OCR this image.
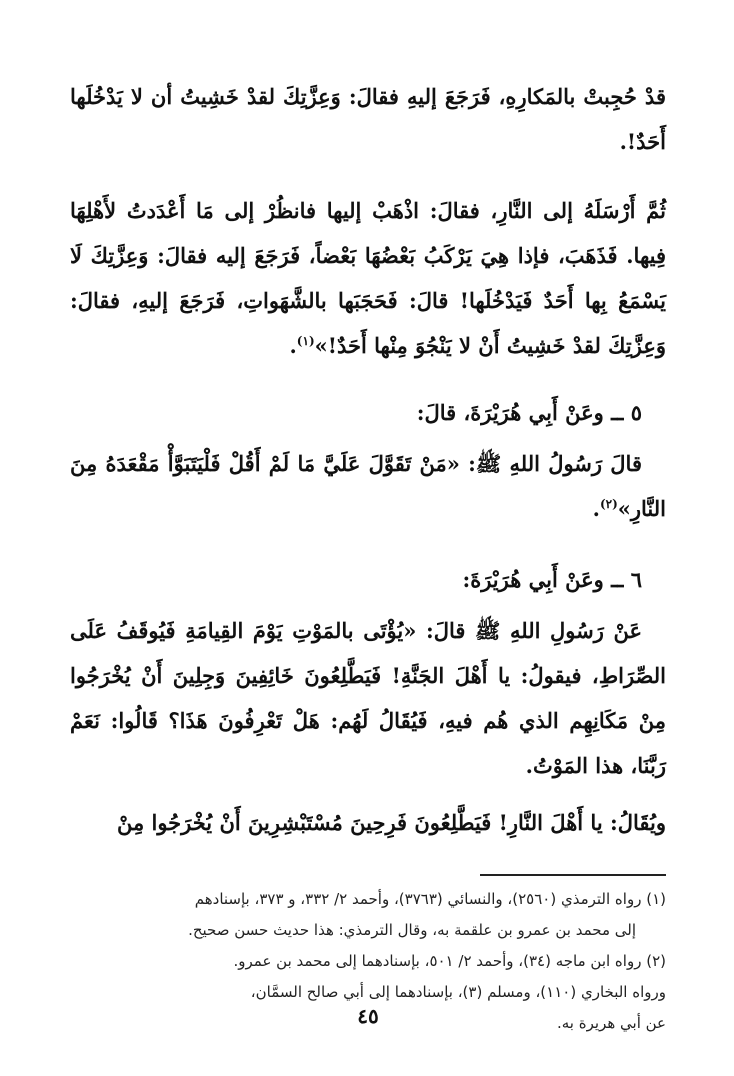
قدْ حُجِبتْ بالمَكارِهِ، فَرَجَعَ إليهِ فقالَ: وَعِزَّتِكَ لقدْ خَشِيتُ أن لا يَدْخُلَها أَحَدٌ!.

ثُمَّ أَرْسَلَهُ إلى النَّارِ، فقالَ: اذْهَبْ إليها فانظُرْ إلى مَا أَعْدَدتُ لأَهْلِهَا فِيها. فَذَهَبَ، فإذا هِيَ يَرْكَبُ بَعْضُهَا بَعْضاً، فَرَجَعَ إليه فقالَ: وَعِزَّتِكَ لَا يَسْمَعُ بِها أَحَدٌ فَيَدْخُلَها! قالَ: فَحَجَبَها بالشَّهَواتِ، فَرَجَعَ إليهِ، فقالَ: وَعِزَّتِكَ لقدْ خَشِيتُ أَنْ لا يَنْجُوَ مِنْها أَحَدٌ!»$^{(١)}$.

٥ ــ وعَنْ أَبِي هُرَيْرَةَ، قالَ:

قالَ رَسُولُ اللهِ ﷺ: «مَنْ تَقَوَّلَ عَلَيَّ مَا لَمْ أَقُلْ فَلْيَتَبَوَّأْ مَقْعَدَهُ مِنَ النَّارِ»$^{(٢)}$.

٦ ــ وعَنْ أَبِي هُرَيْرَةَ:

عَنْ رَسُولِ اللهِ ﷺ قالَ: «يُؤْتَى بالمَوْتِ يَوْمَ القِيامَةِ فَيُوقَفُ عَلَى الصِّرَاطِ، فيقولُ: يا أَهْلَ الجَنَّةِ! فَيَطَّلِعُونَ خَائِفِينَ وَجِلِينَ أَنْ يُخْرَجُوا مِنْ مَكَانِهِم الذي هُم فيهِ، فَيُقَالُ لَهُم: هَلْ تَعْرِفُونَ هَذَا؟ قَالُوا: نَعَمْ رَبَّنَا، هذا المَوْتُ.

ويُقَالُ: يا أَهْلَ النَّارِ! فَيَطَّلِعُونَ فَرِحِينَ مُسْتَبْشِرِينَ أَنْ يُخْرَجُوا مِنْ

(١) رواه الترمذي (٢٥٦٠)، والنسائي (٣٧٦٣)، وأحمد ٢/ ٣٣٢، و ٣٧٣، بإسنادهم

إلى محمد بن عمرو بن علقمة به، وقال الترمذي: هذا حديث حسن صحيح.

(٢) رواه ابن ماجه (٣٤)، وأحمد ٢/ ٥٠١، بإسنادهما إلى محمد بن عمرو.

ورواه البخاري (١١٠)، ومسلم (٣)، بإسنادهما إلى أبي صالح السمَّان،

عن أبي هريرة به.

٤٥
